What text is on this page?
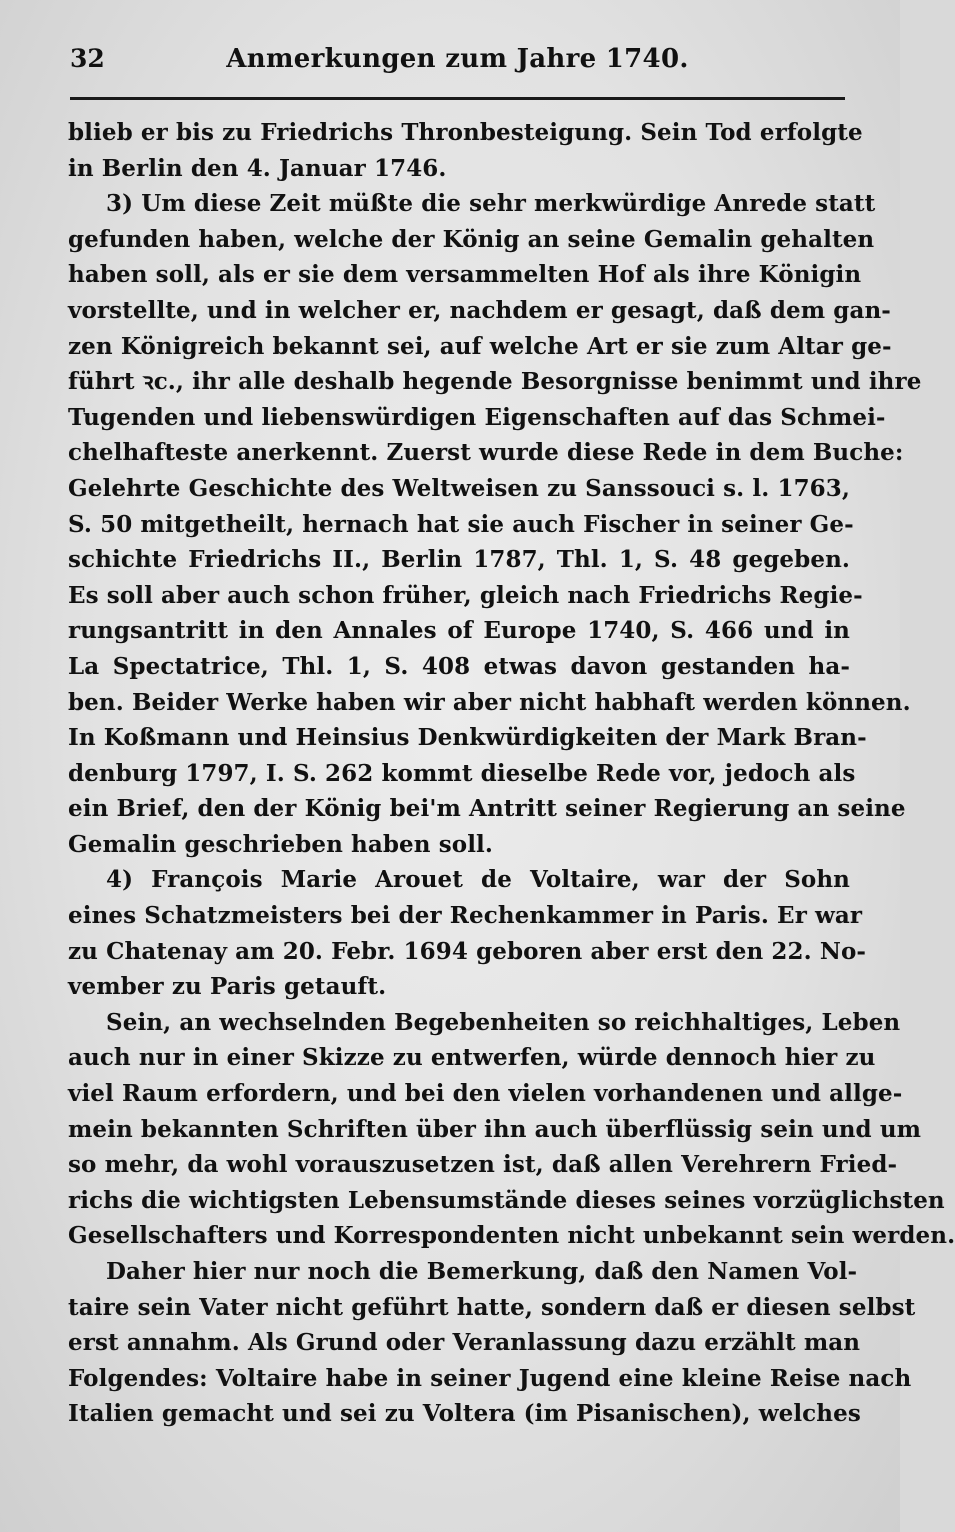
32	Anmerkungen zum Jahre 1740.
blieb er bis zu Friedrichs Thronbesteigung. Sein Tod erfolgte
in Berlin den 4. Januar 1746.
3) Um diese Zeit müßte die sehr merkwürdige Anrede statt
gefunden haben, welche der König an seine Gemalin gehalten
haben soll, als er sie dem versammelten Hof als ihre Königin
vorstellte, und in welcher er, nachdem er gesagt, daß dem gan-
zen Königreich bekannt sei, auf welche Art er sie zum Altar ge-
führt ꝛc., ihr alle deshalb hegende Besorgnisse benimmt und ihre
Tugenden und liebenswürdigen Eigenschaften auf das Schmei-
chelhafteste anerkennt. Zuerst wurde diese Rede in dem Buche:
Gelehrte Geschichte des Weltweisen zu Sanssouci s. l. 1763,
S. 50 mitgetheilt, hernach hat sie auch Fischer in seiner Ge-
schichte Friedrichs II., Berlin 1787, Thl. 1, S. 48 gegeben.
Es soll aber auch schon früher, gleich nach Friedrichs Regie-
rungsantritt in den Annales of Europe 1740, S. 466 und in
La Spectatrice, Thl. 1, S. 408 etwas davon gestanden ha-
ben. Beider Werke haben wir aber nicht habhaft werden können.
In Koßmann und Heinsius Denkwürdigkeiten der Mark Bran-
denburg 1797, I. S. 262 kommt dieselbe Rede vor, jedoch als
ein Brief, den der König bei'm Antritt seiner Regierung an seine
Gemalin geschrieben haben soll.
4) François Marie Arouet de Voltaire, war der Sohn
eines Schatzmeisters bei der Rechenkammer in Paris. Er war
zu Chatenay am 20. Febr. 1694 geboren aber erst den 22. No-
vember zu Paris getauft.
Sein, an wechselnden Begebenheiten so reichhaltiges, Leben
auch nur in einer Skizze zu entwerfen, würde dennoch hier zu
viel Raum erfordern, und bei den vielen vorhandenen und allge-
mein bekannten Schriften über ihn auch überflüssig sein und um
so mehr, da wohl vorauszusetzen ist, daß allen Verehrern Fried-
richs die wichtigsten Lebensumstände dieses seines vorzüglichsten
Gesellschafters und Korrespondenten nicht unbekannt sein werden.
Daher hier nur noch die Bemerkung, daß den Namen Vol-
taire sein Vater nicht geführt hatte, sondern daß er diesen selbst
erst annahm. Als Grund oder Veranlassung dazu erzählt man
Folgendes: Voltaire habe in seiner Jugend eine kleine Reise nach
Italien gemacht und sei zu Voltera (im Pisanischen), welches
